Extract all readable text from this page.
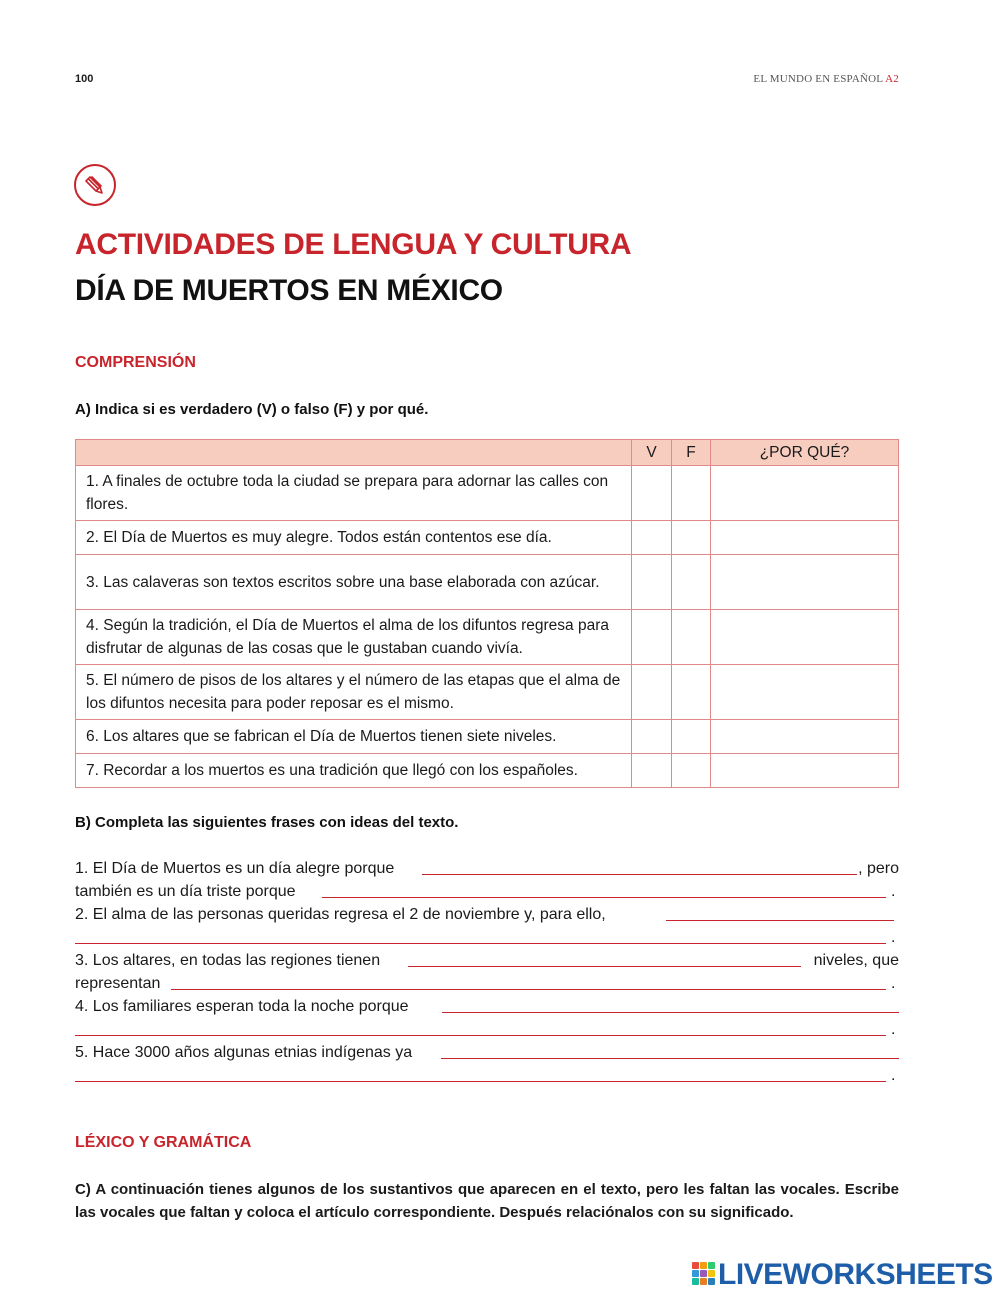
100	EL MUNDO EN ESPAÑOL A2
ACTIVIDADES DE LENGUA Y CULTURA
DÍA DE MUERTOS EN MÉXICO
COMPRENSIÓN
A) Indica si es verdadero (V) o falso (F) y por qué.
	V	F	¿POR QUÉ?
1. A finales de octubre toda la ciudad se prepara para adornar las calles con flores.			
2. El Día de Muertos es muy alegre. Todos están contentos ese día.			
3. Las calaveras son textos escritos sobre una base elaborada con azúcar.			
4. Según la tradición, el Día de Muertos el alma de los difuntos regresa para disfrutar de algunas de las cosas que le gustaban cuando vivía.			
5. El número de pisos de los altares y el número de las etapas que el alma de los difuntos necesita para poder reposar es el mismo.			
6. Los altares que se fabrican el Día de Muertos tienen siete niveles.			
7. Recordar a los muertos es una tradición que llegó con los españoles.			
B) Completa las siguientes frases con ideas del texto.
1. El Día de Muertos es un día alegre porque	, pero
también es un día triste porque	.
2. El alma de las personas queridas regresa el 2 de noviembre y, para ello,
.
3. Los altares, en todas las regiones tienen	niveles, que
representan	.
4. Los familiares esperan toda la noche porque
.
5. Hace 3000 años algunas etnias indígenas ya
.
LÉXICO Y GRAMÁTICA
C) A continuación tienes algunos de los sustantivos que aparecen en el texto, pero les faltan las vocales. Escribe las vocales que faltan y coloca el artículo correspondiente. Después relaciónalos con su significado.
LIVEWORKSHEETS
